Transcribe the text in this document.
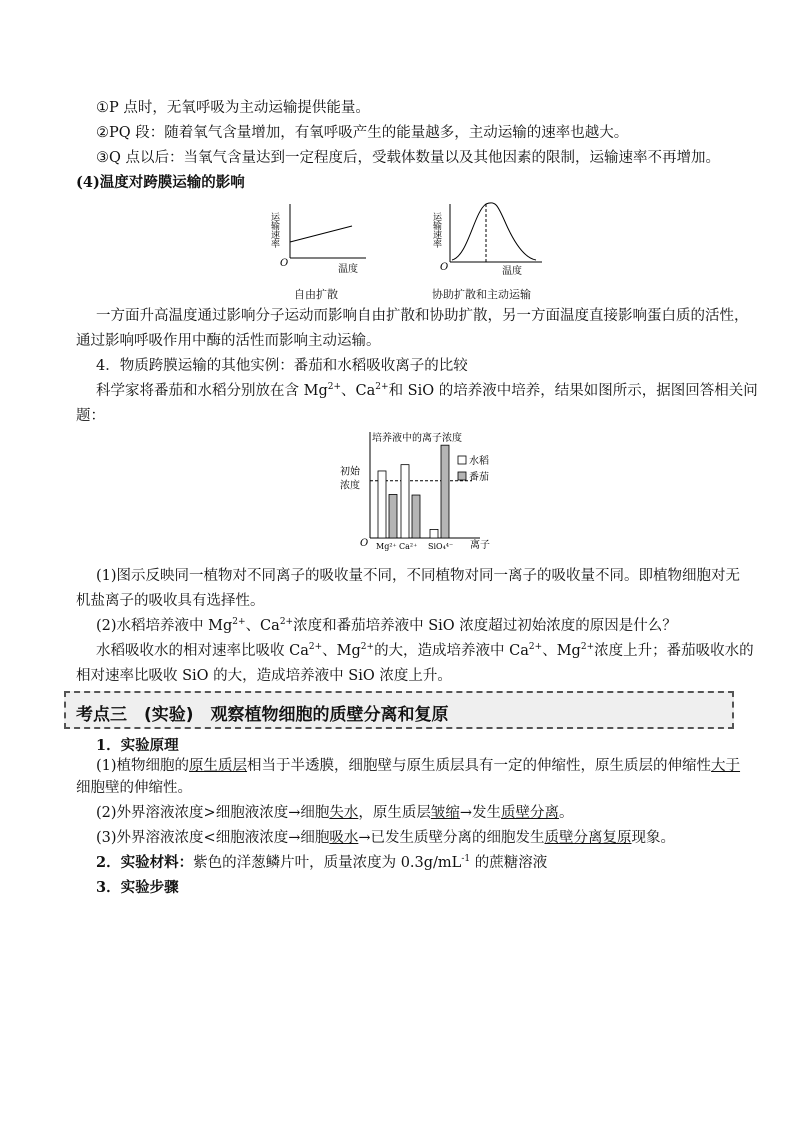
①P 点时，无氧呼吸为主动运输提供能量。
②PQ 段：随着氧气含量增加，有氧呼吸产生的能量越多，主动运输的速率也越大。
③Q 点以后：当氧气含量达到一定程度后，受载体数量以及其他因素的限制，运输速率不再增加。
(4)温度对跨膜运输的影响
运输速率
O
温度
自由扩散
运输速率
O	温度
协助扩散和主动运输
一方面升高温度通过影响分子运动而影响自由扩散和协助扩散，另一方面温度直接影响蛋白质的活性，
通过影响呼吸作用中酶的活性而影响主动运输。
4．物质跨膜运输的其他实例：番茄和水稻吸收离子的比较
科学家将番茄和水稻分别放在含 $Mg^{2+}$、$Ca^{2+}$和 SiO 的培养液中培养，结果如图所示，据图回答相关问
题：
培养液中的离子浓度
O	离子
初始
浓度
Mg²⁺ Ca²⁺ SiO₄⁴⁻
水稻
番茄
(1)图示反映同一植物对不同离子的吸收量不同，不同植物对同一离子的吸收量不同。即植物细胞对无
机盐离子的吸收具有选择性。
(2)水稻培养液中 $Mg^{2+}$、$Ca^{2+}$浓度和番茄培养液中 SiO 浓度超过初始浓度的原因是什么？
水稻吸收水的相对速率比吸收 $Ca^{2+}$、$Mg^{2+}$的大，造成培养液中 $Ca^{2+}$、$Mg^{2+}$浓度上升；番茄吸收水的
相对速率比吸收 SiO 的大，造成培养液中 SiO 浓度上升。
考点三　(实验)　观察植物细胞的质壁分离和复原
1．实验原理
(1)植物细胞的原生质层相当于半透膜，细胞壁与原生质层具有一定的伸缩性，原生质层的伸缩性大于
细胞壁的伸缩性。
(2)外界溶液浓度>细胞液浓度→细胞失水，原生质层皱缩→发生质壁分离。
(3)外界溶液浓度<细胞液浓度→细胞吸水→已发生质壁分离的细胞发生质壁分离复原现象。
2．实验材料：紫色的洋葱鳞片叶，质量浓度为 $0.3g/mL^{-1}$ 的蔗糖溶液
3．实验步骤
